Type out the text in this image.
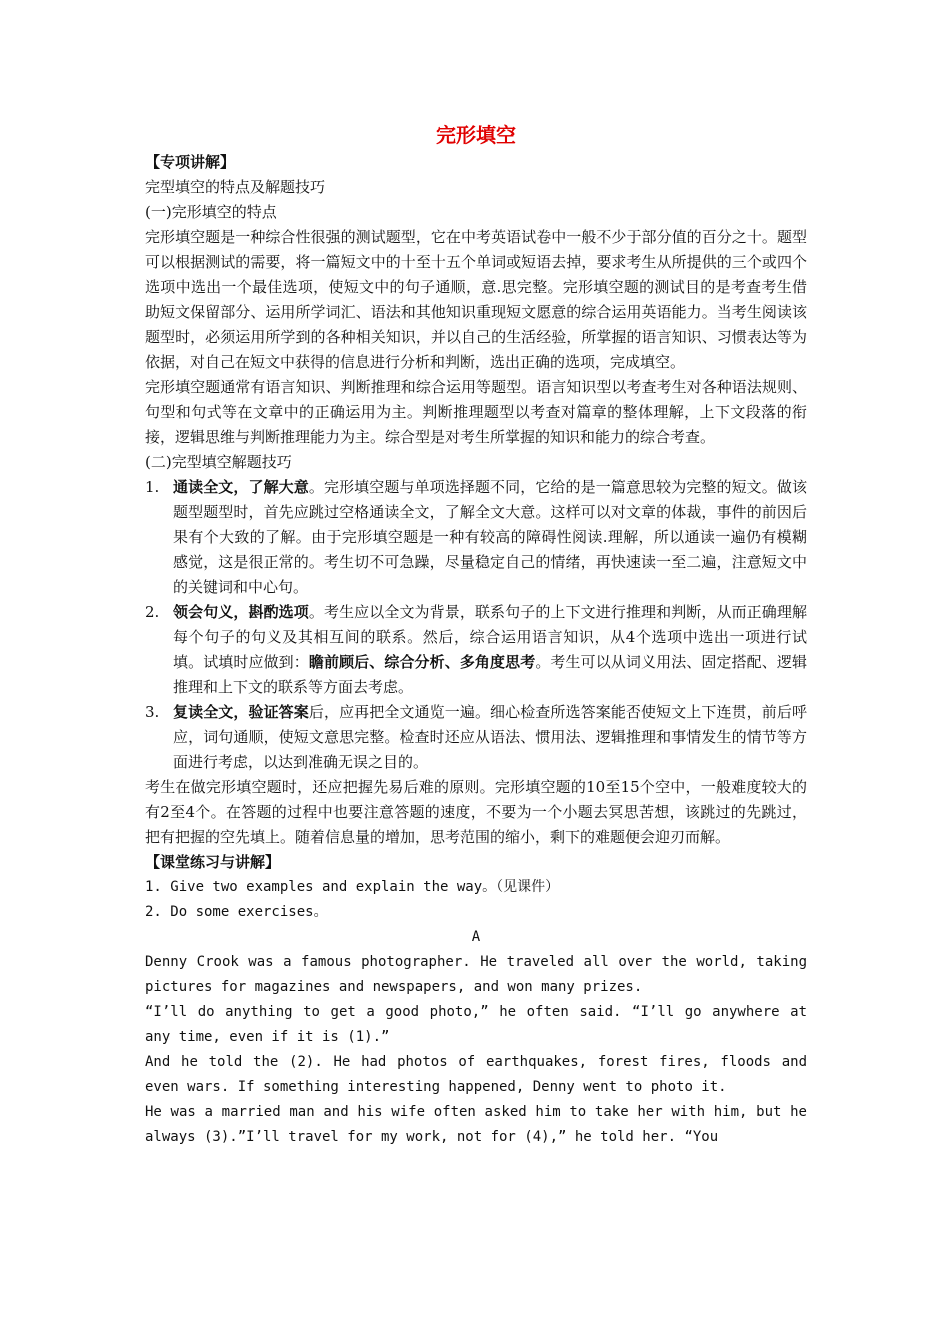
完形填空
【专项讲解】

完型填空的特点及解题技巧

(一)完形填空的特点

完形填空题是一种综合性很强的测试题型，它在中考英语试卷中一般不少于部分值的百分之十。题型可以根据测试的需要，将一篇短文中的十至十五个单词或短语去掉，要求考生从所提供的三个或四个选项中选出一个最佳选项，使短文中的句子通顺，意.思完整。完形填空题的测试目的是考查考生借助短文保留部分、运用所学词汇、语法和其他知识重现短文愿意的综合运用英语能力。当考生阅读该题型时，必须运用所学到的各种相关知识，并以自己的生活经验，所掌握的语言知识、习惯表达等为依据，对自己在短文中获得的信息进行分析和判断，选出正确的选项，完成填空。

完形填空题通常有语言知识、判断推理和综合运用等题型。语言知识型以考查考生对各种语法规则、句型和句式等在文章中的正确运用为主。判断推理题型以考查对篇章的整体理解，上下文段落的衔接，逻辑思维与判断推理能力为主。综合型是对考生所掌握的知识和能力的综合考查。

(二)完型填空解题技巧

1. 通读全文，了解大意。完形填空题与单项选择题不同，它给的是一篇意思较为完整的短文。做该题型题型时，首先应跳过空格通读全文，了解全文大意。这样可以对文章的体裁，事件的前因后果有个大致的了解。由于完形填空题是一种有较高的障碍性阅读.理解，所以通读一遍仍有模糊感觉，这是很正常的。考生切不可急躁，尽量稳定自己的情绪，再快速读一至二遍，注意短文中的关键词和中心句。
2. 领会句义，斟酌选项。考生应以全文为背景，联系句子的上下文进行推理和判断，从而正确理解每个句子的句义及其相互间的联系。然后，综合运用语言知识，从4个选项中选出一项进行试填。试填时应做到：瞻前顾后、综合分析、多角度思考。考生可以从词义用法、固定搭配、逻辑推理和上下文的联系等方面去考虑。
3. 复读全文，验证答案后，应再把全文通览一遍。细心检查所选答案能否使短文上下连贯，前后呼应，词句通顺，使短文意思完整。检查时还应从语法、惯用法、逻辑推理和事情发生的情节等方面进行考虑，以达到准确无误之目的。

考生在做完形填空题时，还应把握先易后难的原则。完形填空题的10至15个空中，一般难度较大的有2至4个。在答题的过程中也要注意答题的速度，不要为一个小题去冥思苦想，该跳过的先跳过，把有把握的空先填上。随着信息量的增加，思考范围的缩小，剩下的难题便会迎刃而解。

【课堂练习与讲解】

1. Give two examples and explain the way。（见课件）

2. Do some exercises。

A

Denny Crook was a famous photographer. He traveled all over the world, taking pictures for magazines and newspapers, and won many prizes.

“I’ll do anything to get a good photo,” he often said. “I’ll go anywhere at any time, even if it is (1).”

And he told the (2). He had photos of earthquakes, forest fires, floods and even wars. If something interesting happened, Denny went to photo it.

He was a married man and his wife often asked him to take her with him, but he always (3).”I’ll travel for my work, not for (4),” he told her. “You
